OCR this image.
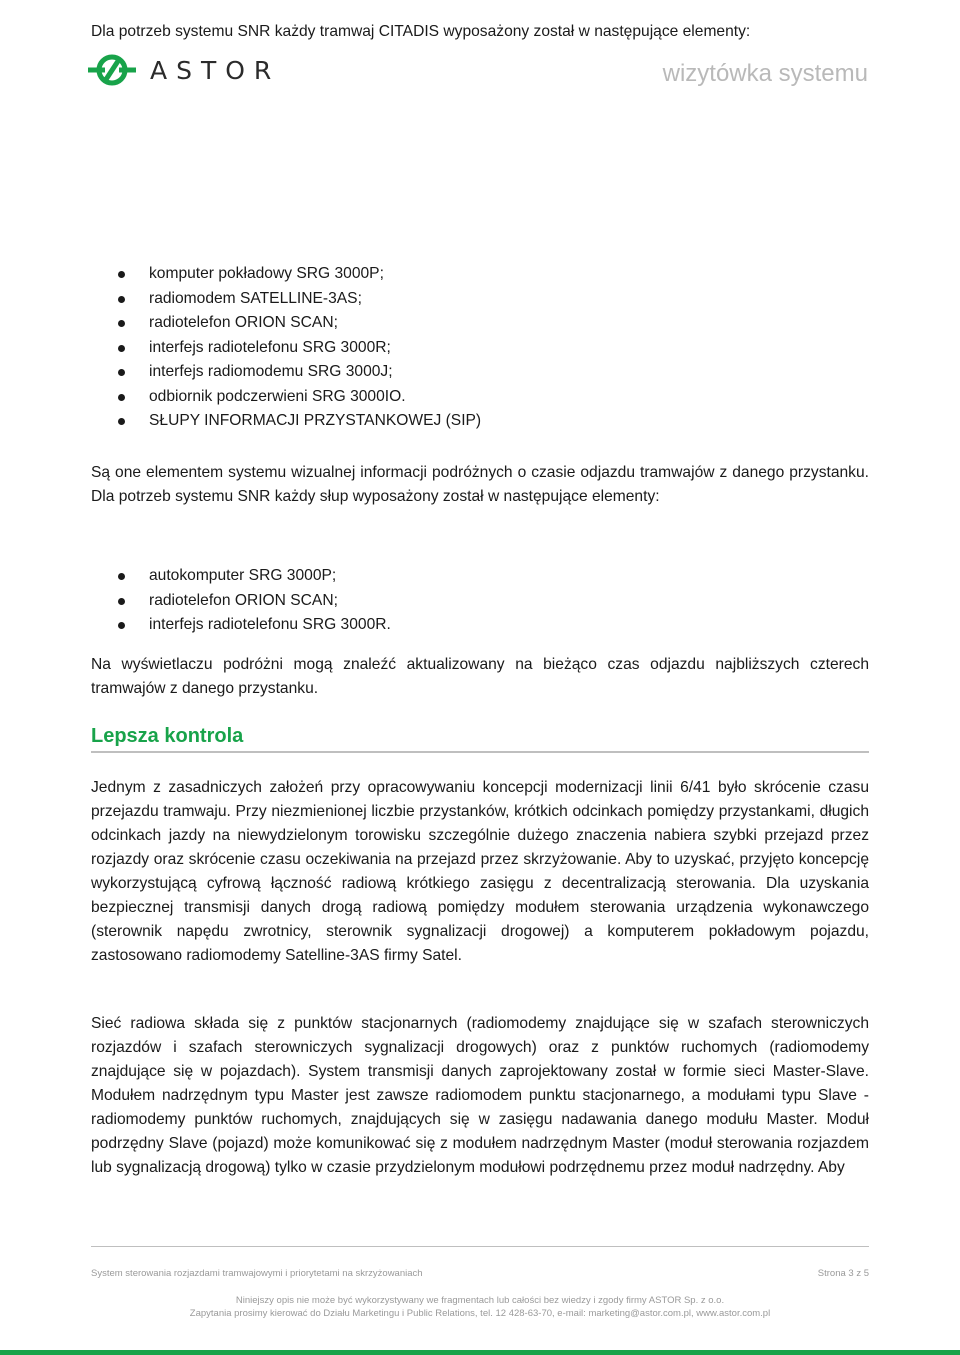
ASTOR	wizytówka systemu

Dla potrzeb systemu SNR każdy tramwaj CITADIS wyposażony został w następujące elementy:

komputer pokładowy SRG 3000P;
radiomodem SATELLINE-3AS;
radiotelefon ORION SCAN;
interfejs radiotelefonu SRG 3000R;
interfejs radiomodemu SRG 3000J;
odbiornik podczerwieni SRG 3000IO.
SŁUPY INFORMACJI PRZYSTANKOWEJ (SIP)

Są one elementem systemu wizualnej informacji podróżnych o czasie odjazdu tramwajów z danego przystanku. Dla potrzeb systemu SNR każdy słup wyposażony został w następujące elementy:

autokomputer SRG 3000P;
radiotelefon ORION SCAN;
interfejs radiotelefonu SRG 3000R.

Na wyświetlaczu podróżni mogą znaleźć aktualizowany na bieżąco czas odjazdu najbliższych czterech tramwajów z danego przystanku.

Lepsza kontrola

Jednym z zasadniczych założeń przy opracowywaniu koncepcji modernizacji linii 6/41 było skrócenie czasu przejazdu tramwaju. Przy niezmienionej liczbie przystanków, krótkich odcinkach pomiędzy przystankami, długich odcinkach jazdy na niewydzielonym torowisku szczególnie dużego znaczenia nabiera szybki przejazd przez rozjazdy oraz skrócenie czasu oczekiwania na przejazd przez skrzyżowanie. Aby to uzyskać, przyjęto koncepcję wykorzystującą cyfrową łączność radiową krótkiego zasięgu z decentralizacją sterowania. Dla uzyskania bezpiecznej transmisji danych drogą radiową pomiędzy modułem sterowania urządzenia wykonawczego (sterownik napędu zwrotnicy, sterownik sygnalizacji drogowej) a komputerem pokładowym pojazdu, zastosowano radiomodemy Satelline-3AS firmy Satel.

Sieć radiowa składa się z punktów stacjonarnych (radiomodemy znajdujące się w szafach sterowniczych rozjazdów i szafach sterowniczych sygnalizacji drogowych) oraz z punktów ruchomych (radiomodemy znajdujące się w pojazdach). System transmisji danych zaprojektowany został w formie sieci Master-Slave. Modułem nadrzędnym typu Master jest zawsze radiomodem punktu stacjonarnego, a modułami typu Slave - radiomodemy punktów ruchomych, znajdujących się w zasięgu nadawania danego modułu Master. Moduł podrzędny Slave (pojazd) może komunikować się z modułem nadrzędnym Master (moduł sterowania rozjazdem lub sygnalizacją drogową) tylko w czasie przydzielonym modułowi podrzędnemu przez moduł nadrzędny. Aby

System sterowania rozjazdami tramwajowymi i priorytetami na skrzyżowaniach	Strona 3 z 5
Niniejszy opis nie może być wykorzystywany we fragmentach lub całości bez wiedzy i zgody firmy ASTOR Sp. z o.o.
Zapytania prosimy kierować do Działu Marketingu i Public Relations, tel. 12 428-63-70, e-mail: marketing@astor.com.pl, www.astor.com.pl
